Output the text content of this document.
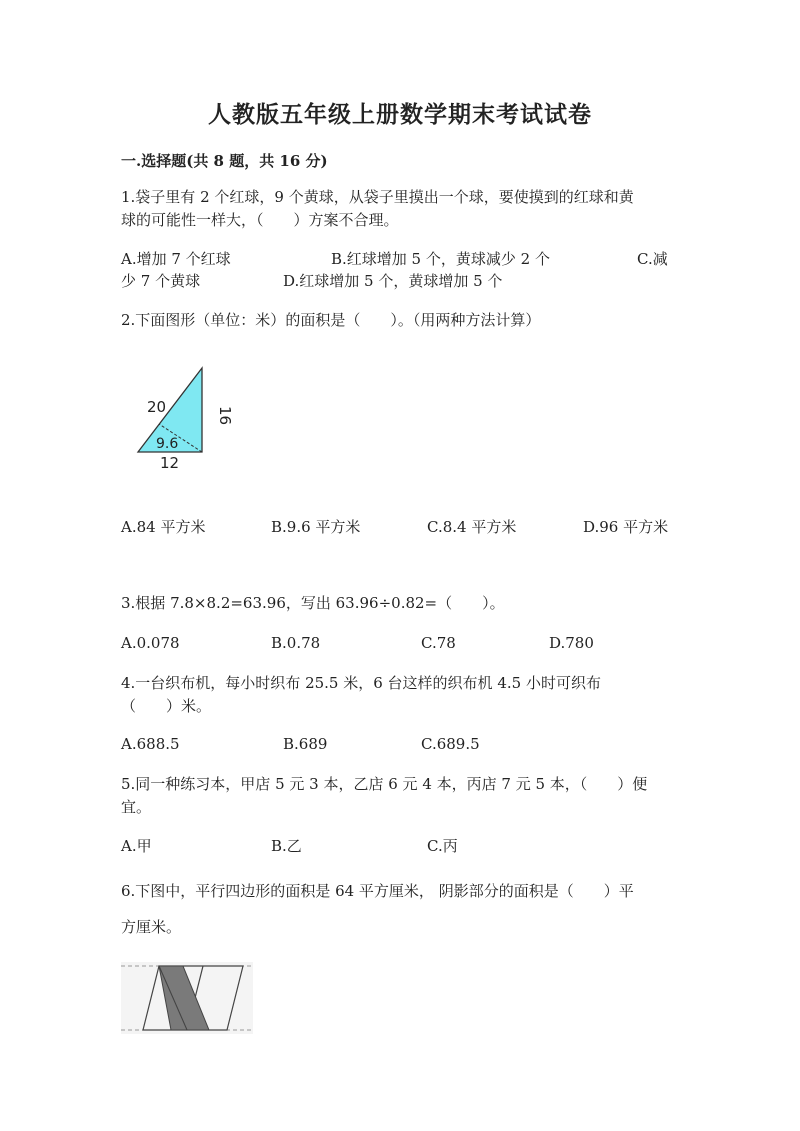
人教版五年级上册数学期末考试试卷
一.选择题(共 8 题，共 16 分)
1.袋子里有 2 个红球，9 个黄球，从袋子里摸出一个球，要使摸到的红球和黄
球的可能性一样大，（　　）方案不合理。
A.增加 7 个红球	B.红球增加 5 个，黄球减少 2 个	C.减
少 7 个黄球	D.红球增加 5 个，黄球增加 5 个
2.下面图形（单位：米）的面积是（　　）。（用两种方法计算）
20	16
9.6
12
A.84 平方米	B.9.6 平方米	C.8.4 平方米	D.96 平方米
3.根据 7.8×8.2=63.96，写出 63.96÷0.82=（　　）。
A.0.078	B.0.78	C.78	D.780
4.一台织布机，每小时织布 25.5 米，6 台这样的织布机 4.5 小时可织布
（　　）米。
A.688.5	B.689	C.689.5
5.同一种练习本，甲店 5 元 3 本，乙店 6 元 4 本，丙店 7 元 5 本，（　　）便
宜。
A.甲	B.乙	C.丙
6.下图中，平行四边形的面积是 64 平方厘米， 阴影部分的面积是（　　）平
方厘米。
